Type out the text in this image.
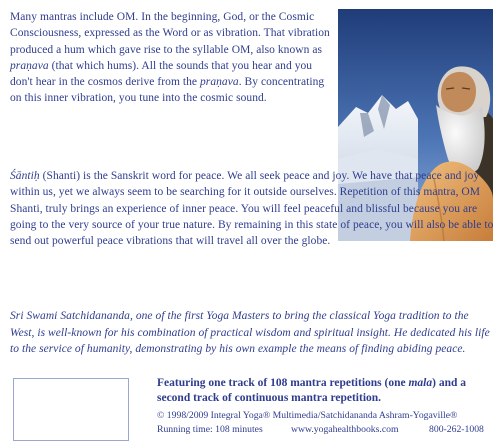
Many mantras include OM. In the beginning, God, or the Cosmic Consciousness, expressed as the Word or as vibration. That vibration produced a hum which gave rise to the syllable OM, also known as praṇava (that which hums). All the sounds that you hear and you don't hear in the cosmos derive from the praṇava. By concentrating on this inner vibration, you tune into the cosmic sound.

Śāntiḥ (Shanti) is the Sanskrit word for peace. We all seek peace and joy. We have that peace and joy within us, yet we always seem to be searching for it outside ourselves. Repetition of this mantra, OM Shanti, truly brings an experience of inner peace. You will feel peaceful and blissful because you are going to the very source of your true nature. By remaining in this state of peace, you will also be able to send out powerful peace vibrations that will travel all over the globe.

Sri Swami Satchidananda, one of the first Yoga Masters to bring the classical Yoga tradition to the West, is well-known for his combination of practical wisdom and spiritual insight. He dedicated his life to the service of humanity, demonstrating by his own example the means of finding abiding peace.

Featuring one track of 108 mantra repetitions (one mala) and a second track of continuous mantra repetition.

© 1998/2009 Integral Yoga® Multimedia/Satchidananda Ashram-Yogaville®
Running time: 108 minutes	www.yogahealthbooks.com	800-262-1008
